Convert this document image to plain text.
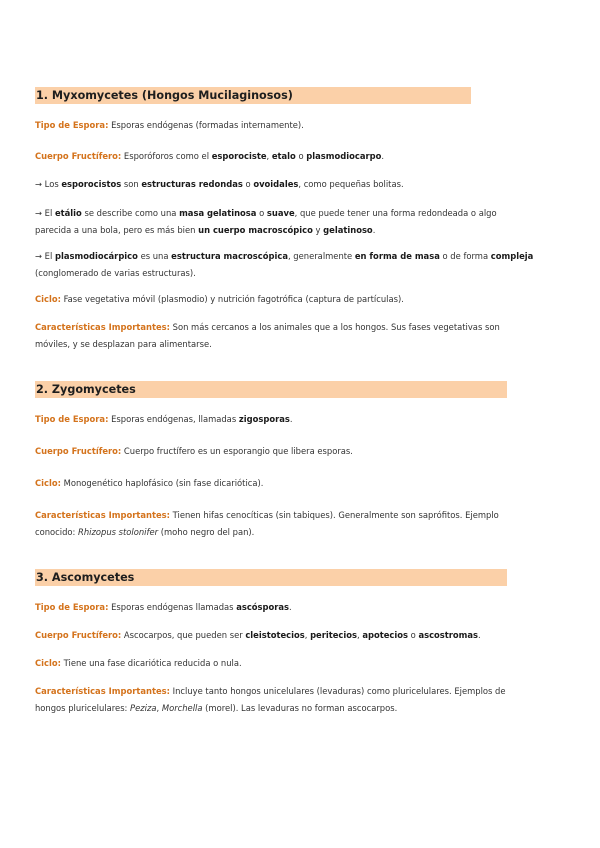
1. Myxomycetes (Hongos Mucilaginosos)
Tipo de Espora: Esporas endógenas (formadas internamente).
Cuerpo Fructífero: Esporóforos como el esporociste, etalo o plasmodiocarpo.
→ Los esporocistos son estructuras redondas o ovoidales, como pequeñas bolitas.
→ El etálio se describe como una masa gelatinosa o suave, que puede tener una forma redondeada o algo parecida a una bola, pero es más bien un cuerpo macroscópico y gelatinoso.
→ El plasmodiocárpico es una estructura macroscópica, generalmente en forma de masa o de forma compleja (conglomerado de varias estructuras).
Ciclo: Fase vegetativa móvil (plasmodio) y nutrición fagotrófica (captura de partículas).
Características Importantes: Son más cercanos a los animales que a los hongos. Sus fases vegetativas son móviles, y se desplazan para alimentarse.
2. Zygomycetes
Tipo de Espora: Esporas endógenas, llamadas zigosporas.
Cuerpo Fructífero: Cuerpo fructífero es un esporangio que libera esporas.
Ciclo: Monogenético haplofásico (sin fase dicariótica).
Características Importantes: Tienen hifas cenocíticas (sin tabiques). Generalmente son saprófitos. Ejemplo conocido: Rhizopus stolonifer (moho negro del pan).
3. Ascomycetes
Tipo de Espora: Esporas endógenas llamadas ascósporas.
Cuerpo Fructífero: Ascocarpos, que pueden ser cleistotecios, peritecios, apotecios o ascostromas.
Ciclo: Tiene una fase dicariótica reducida o nula.
Características Importantes: Incluye tanto hongos unicelulares (levaduras) como pluricelulares. Ejemplos de hongos pluricelulares: Peziza, Morchella (morel). Las levaduras no forman ascocarpos.
